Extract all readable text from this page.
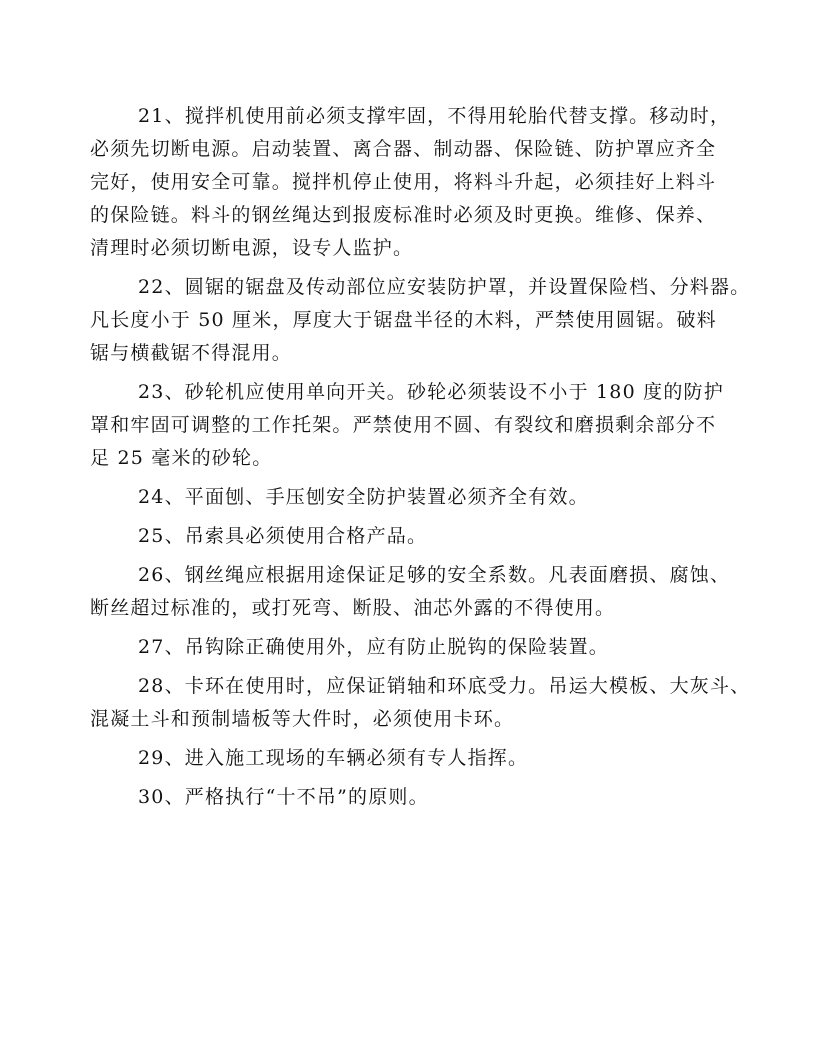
21、搅拌机使用前必须支撑牢固，不得用轮胎代替支撑。移动时，
必须先切断电源。启动装置、离合器、制动器、保险链、防护罩应齐全
完好，使用安全可靠。搅拌机停止使用，将料斗升起，必须挂好上料斗
的保险链。料斗的钢丝绳达到报废标准时必须及时更换。维修、保养、
清理时必须切断电源，设专人监护。

22、圆锯的锯盘及传动部位应安装防护罩，并设置保险档、分料器。
凡长度小于 50 厘米，厚度大于锯盘半径的木料，严禁使用圆锯。破料
锯与横截锯不得混用。

23、砂轮机应使用单向开关。砂轮必须装设不小于 180 度的防护
罩和牢固可调整的工作托架。严禁使用不圆、有裂纹和磨损剩余部分不
足 25 毫米的砂轮。

24、平面刨、手压刨安全防护装置必须齐全有效。

25、吊索具必须使用合格产品。

26、钢丝绳应根据用途保证足够的安全系数。凡表面磨损、腐蚀、
断丝超过标准的，或打死弯、断股、油芯外露的不得使用。

27、吊钩除正确使用外，应有防止脱钩的保险装置。

28、卡环在使用时，应保证销轴和环底受力。吊运大模板、大灰斗、
混凝土斗和预制墙板等大件时，必须使用卡环。

29、进入施工现场的车辆必须有专人指挥。

30、严格执行“十不吊”的原则。
